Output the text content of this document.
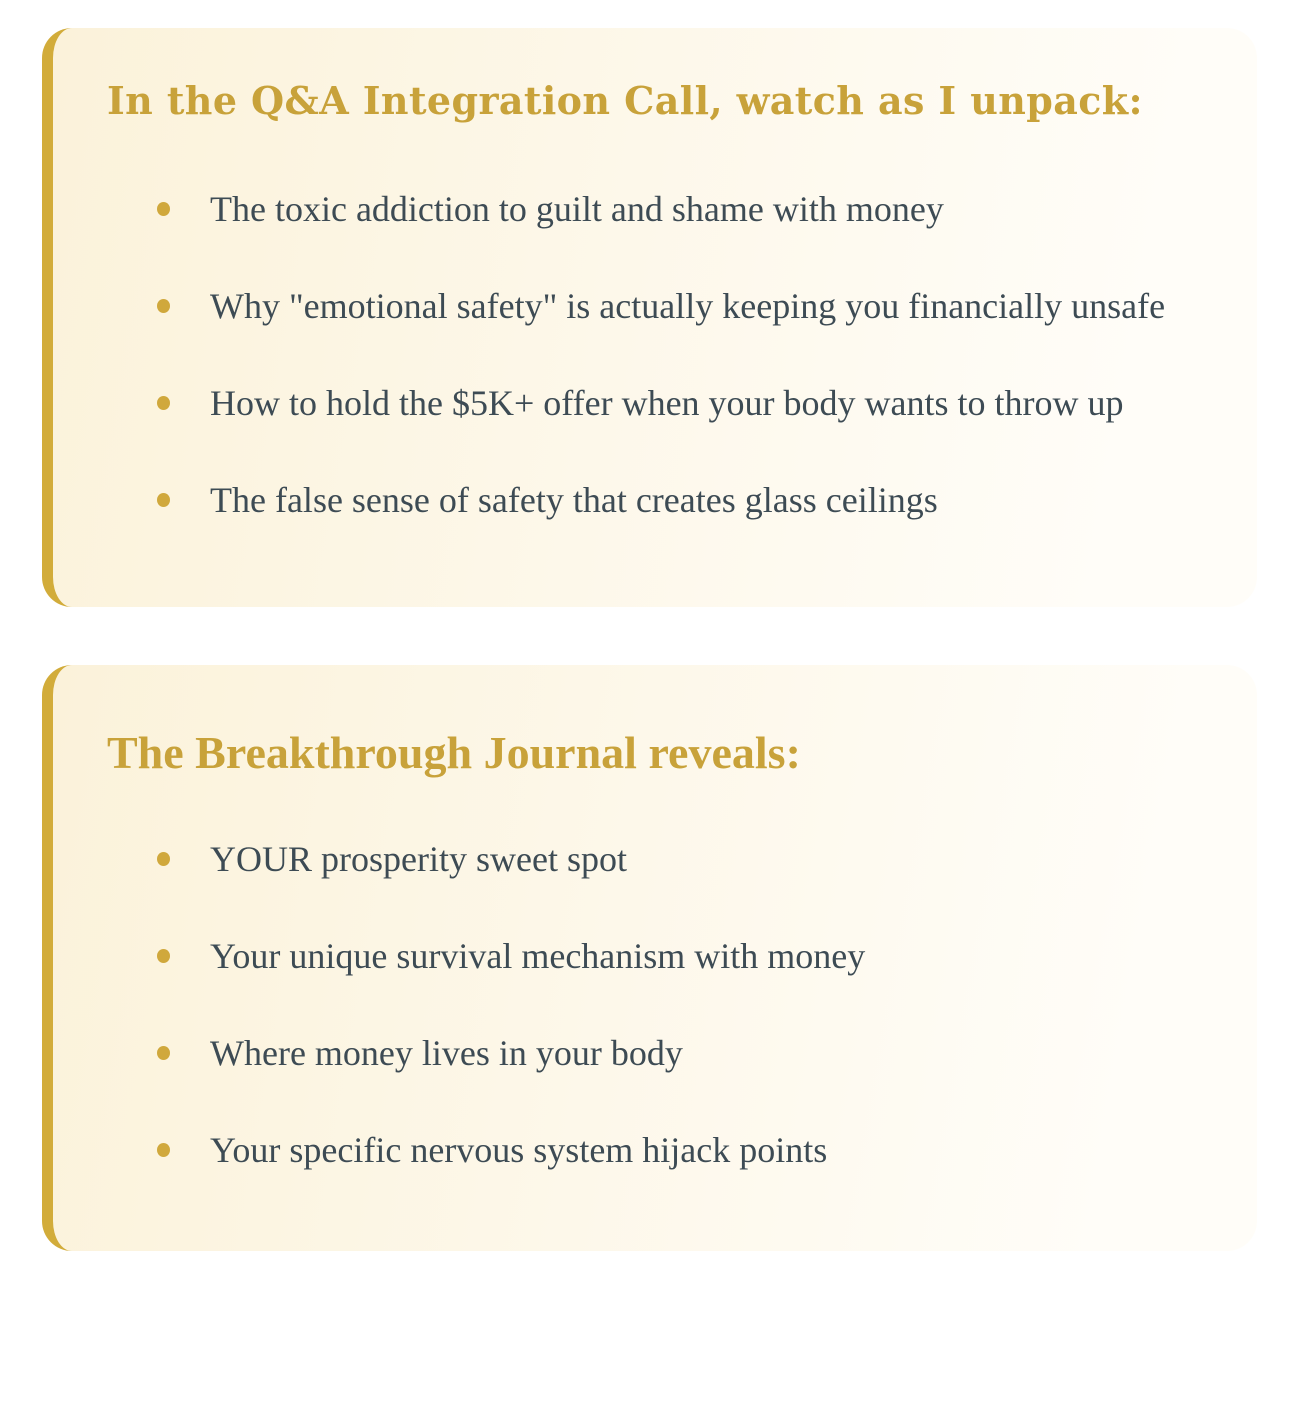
In the Q&A Integration Call, watch as I unpack:
The toxic addiction to guilt and shame with money
Why "emotional safety" is actually keeping you financially unsafe
How to hold the $5K+ offer when your body wants to throw up
The false sense of safety that creates glass ceilings
The Breakthrough Journal reveals:
YOUR prosperity sweet spot
Your unique survival mechanism with money
Where money lives in your body
Your specific nervous system hijack points
